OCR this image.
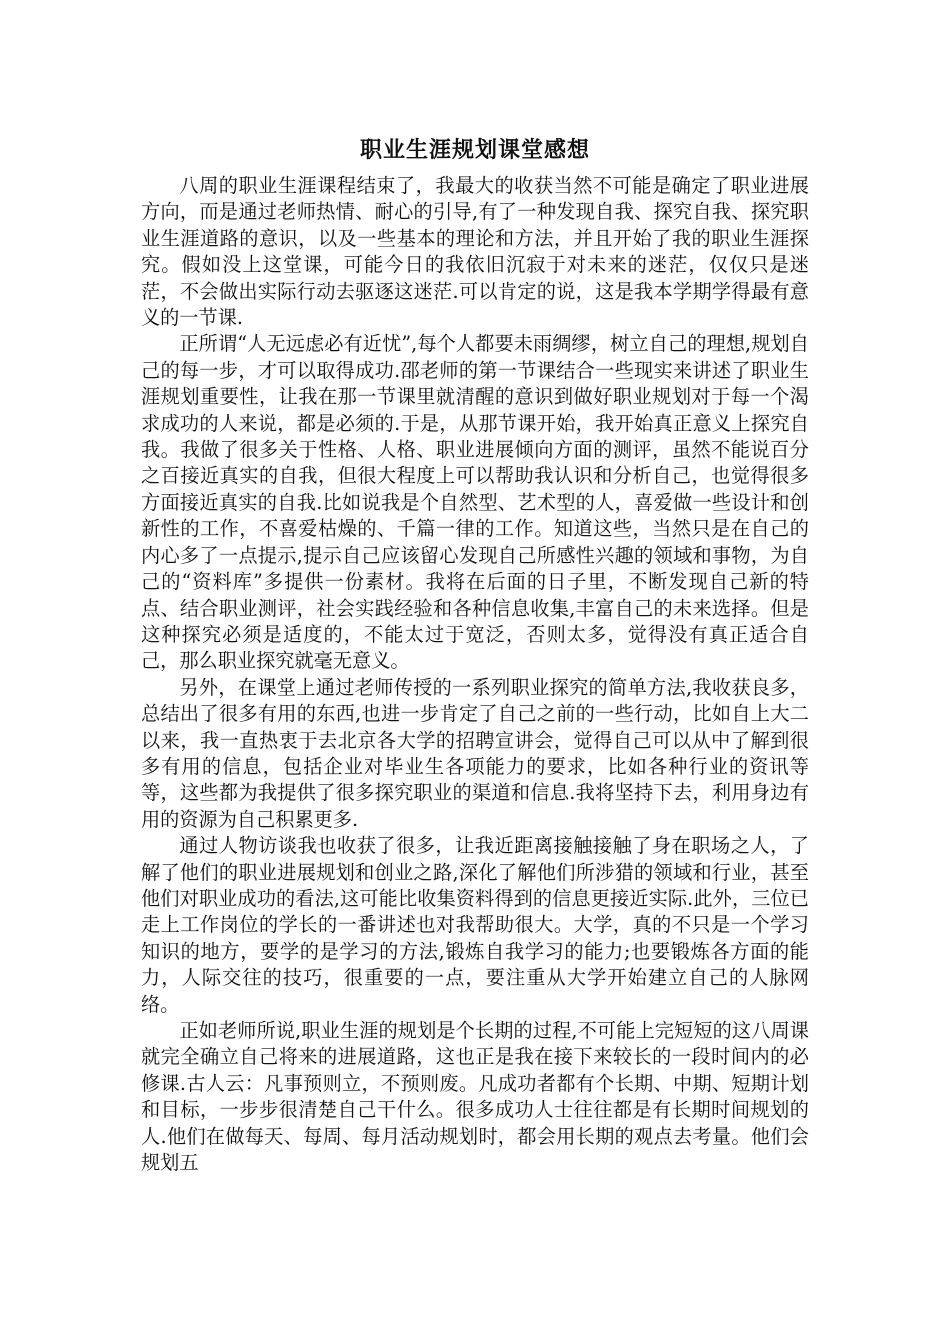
职业生涯规划课堂感想

八周的职业生涯课程结束了，我最大的收获当然不可能是确定了职业进展方向，而是通过老师热情、耐心的引导,有了一种发现自我、探究自我、探究职业生涯道路的意识，以及一些基本的理论和方法，并且开始了我的职业生涯探究。假如没上这堂课，可能今日的我依旧沉寂于对未来的迷茫，仅仅只是迷茫，不会做出实际行动去驱逐这迷茫.可以肯定的说，这是我本学期学得最有意义的一节课.

正所谓“人无远虑必有近忧”,每个人都要未雨绸缪，树立自己的理想,规划自己的每一步，才可以取得成功.邵老师的第一节课结合一些现实来讲述了职业生涯规划重要性，让我在那一节课里就清醒的意识到做好职业规划对于每一个渴求成功的人来说，都是必须的.于是，从那节课开始，我开始真正意义上探究自我。我做了很多关于性格、人格、职业进展倾向方面的测评，虽然不能说百分之百接近真实的自我，但很大程度上可以帮助我认识和分析自己，也觉得很多方面接近真实的自我.比如说我是个自然型、艺术型的人，喜爱做一些设计和创新性的工作，不喜爱枯燥的、千篇一律的工作。知道这些，当然只是在自己的内心多了一点提示,提示自己应该留心发现自己所感性兴趣的领域和事物，为自己的“资料库”多提供一份素材。我将在后面的日子里，不断发现自己新的特点、结合职业测评，社会实践经验和各种信息收集,丰富自己的未来选择。但是这种探究必须是适度的，不能太过于宽泛，否则太多，觉得没有真正适合自己，那么职业探究就毫无意义。

另外，在课堂上通过老师传授的一系列职业探究的简单方法,我收获良多，总结出了很多有用的东西,也进一步肯定了自己之前的一些行动，比如自上大二以来，我一直热衷于去北京各大学的招聘宣讲会，觉得自己可以从中了解到很多有用的信息，包括企业对毕业生各项能力的要求，比如各种行业的资讯等等，这些都为我提供了很多探究职业的渠道和信息.我将坚持下去，利用身边有用的资源为自己积累更多.

通过人物访谈我也收获了很多，让我近距离接触接触了身在职场之人，了解了他们的职业进展规划和创业之路,深化了解他们所涉猎的领域和行业，甚至他们对职业成功的看法,这可能比收集资料得到的信息更接近实际.此外，三位已走上工作岗位的学长的一番讲述也对我帮助很大。大学，真的不只是一个学习知识的地方，要学的是学习的方法,锻炼自我学习的能力;也要锻炼各方面的能力，人际交往的技巧，很重要的一点，要注重从大学开始建立自己的人脉网络。

正如老师所说,职业生涯的规划是个长期的过程,不可能上完短短的这八周课就完全确立自己将来的进展道路，这也正是我在接下来较长的一段时间内的必修课.古人云：凡事预则立，不预则废。凡成功者都有个长期、中期、短期计划和目标，一步步很清楚自己干什么。很多成功人士往往都是有长期时间规划的人.他们在做每天、每周、每月活动规划时，都会用长期的观点去考量。他们会规划五
